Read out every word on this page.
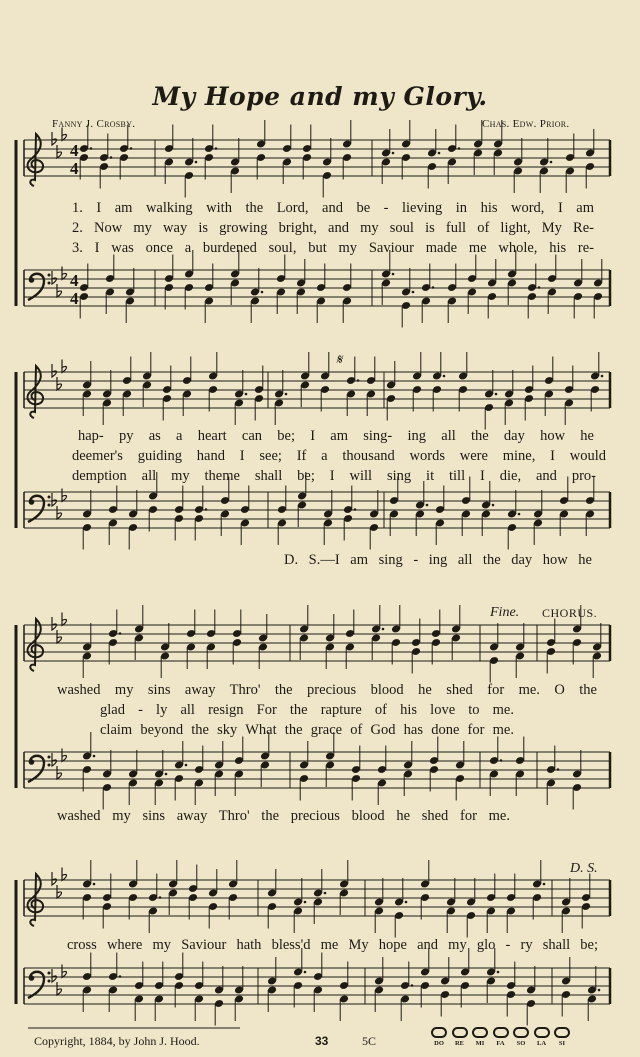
My Hope and my Glory.
Fanny J. Crosby.	Chas. Edw. Prior.
4
4
4
4
1. I am walking with the Lord, and be - lieving in his word, I am
2. Now my way is growing bright, and my soul is full of light, My Re-
3. I was once a burdened soul, but my Saviour made me whole, his re-
𝄋
hap- py as a heart can be; I am sing- ing all the day how he
deemer's guiding hand I see; If a thousand words were mine, I would
demption all my theme shall be; I will sing it till I die, and pro-
D. S.—I am sing - ing all the day how he
Fine. CHORUS.
washed my sins away Thro' the precious blood he shed for me. O the
glad - ly all resign For the rapture of his love to me.
claim beyond the sky What the grace of God has done for me.
washed my sins away Thro' the precious blood he shed for me.
D. S.
cross where my Saviour hath bless'd me My hope and my glo - ry shall be;
Copyright, 1884, by John J. Hood.	33	5C	DO	RE	MI	FA	SO	LA	SI
